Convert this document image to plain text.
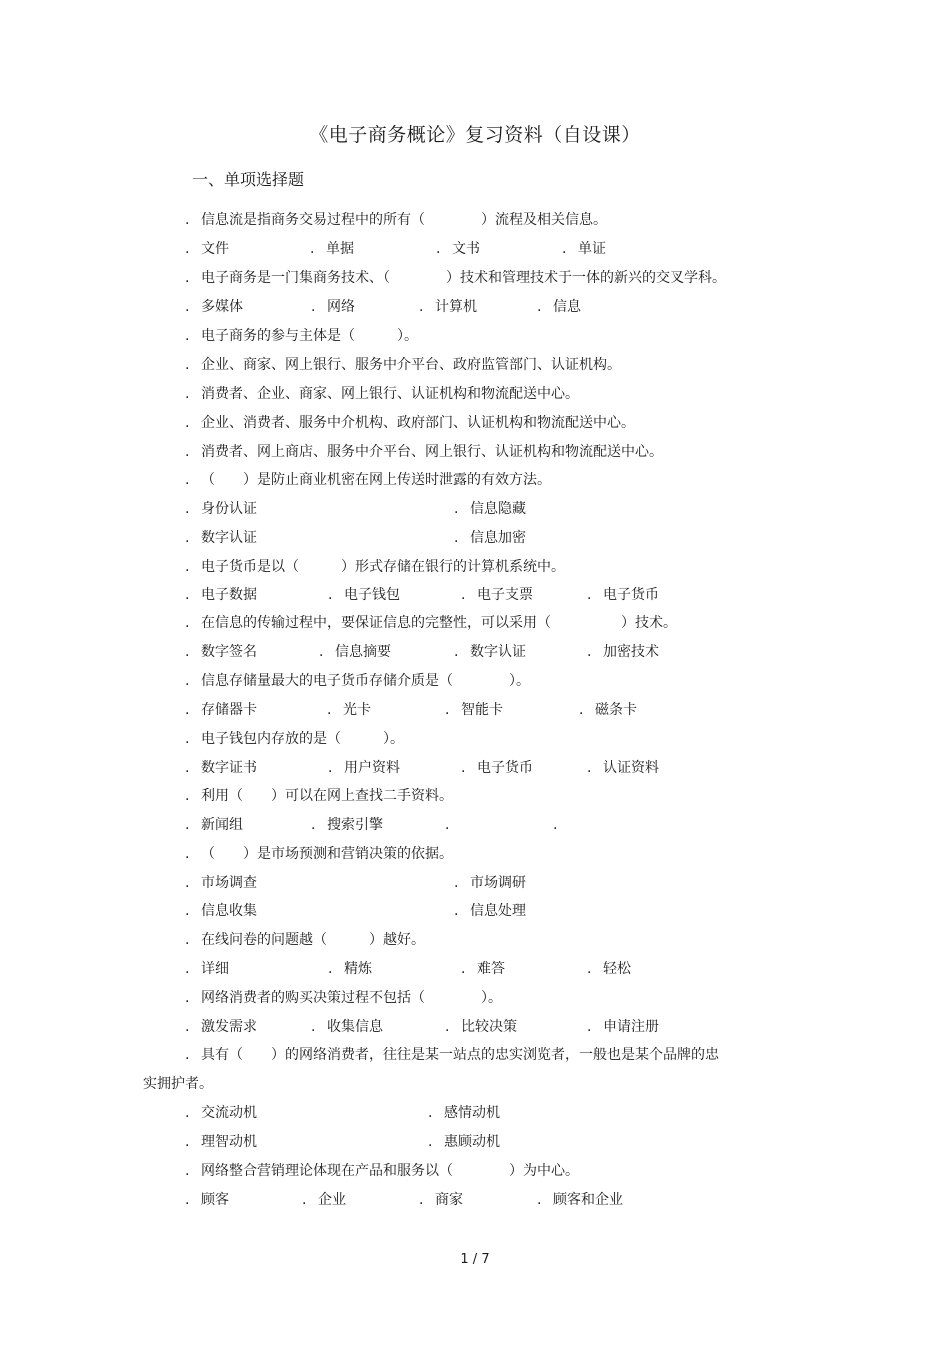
《电子商务概论》复习资料（自设课）
一、单项选择题
. 信息流是指商务交易过程中的所有（　　　　）流程及相关信息。
. 文件	. 单据	. 文书	. 单证
. 电子商务是一门集商务技术、（　　　　）技术和管理技术于一体的新兴的交叉学科。
. 多媒体	. 网络	. 计算机	. 信息
. 电子商务的参与主体是（　　　）。
. 企业、商家、网上银行、服务中介平台、政府监管部门、认证机构。
. 消费者、企业、商家、网上银行、认证机构和物流配送中心。
. 企业、消费者、服务中介机构、政府部门、认证机构和物流配送中心。
. 消费者、网上商店、服务中介平台、网上银行、认证机构和物流配送中心。
. （　　）是防止商业机密在网上传送时泄露的有效方法。
. 身份认证	. 信息隐藏
. 数字认证	. 信息加密
. 电子货币是以（　　　）形式存储在银行的计算机系统中。
. 电子数据	. 电子钱包	. 电子支票	. 电子货币
. 在信息的传输过程中，要保证信息的完整性，可以采用（　　　　　）技术。
. 数字签名	. 信息摘要	. 数字认证	. 加密技术
. 信息存储量最大的电子货币存储介质是（　　　　）。
. 存储器卡	. 光卡	. 智能卡	. 磁条卡
. 电子钱包内存放的是（　　　）。
. 数字证书	. 用户资料	. 电子货币	. 认证资料
. 利用（　　）可以在网上查找二手资料。
. 新闻组	. 搜索引擎	.	.
. （　　）是市场预测和营销决策的依据。
. 市场调查	. 市场调研
. 信息收集	. 信息处理
. 在线问卷的问题越（　　　）越好。
. 详细	. 精炼	. 难答	. 轻松
. 网络消费者的购买决策过程不包括（　　　　）。
. 激发需求	. 收集信息	. 比较决策	. 申请注册
. 具有（　　）的网络消费者，往往是某一站点的忠实浏览者，一般也是某个品牌的忠
实拥护者。
. 交流动机	. 感情动机
. 理智动机	. 惠顾动机
. 网络整合营销理论体现在产品和服务以（　　　　）为中心。
. 顾客	. 企业	. 商家	. 顾客和企业
1 / 7
